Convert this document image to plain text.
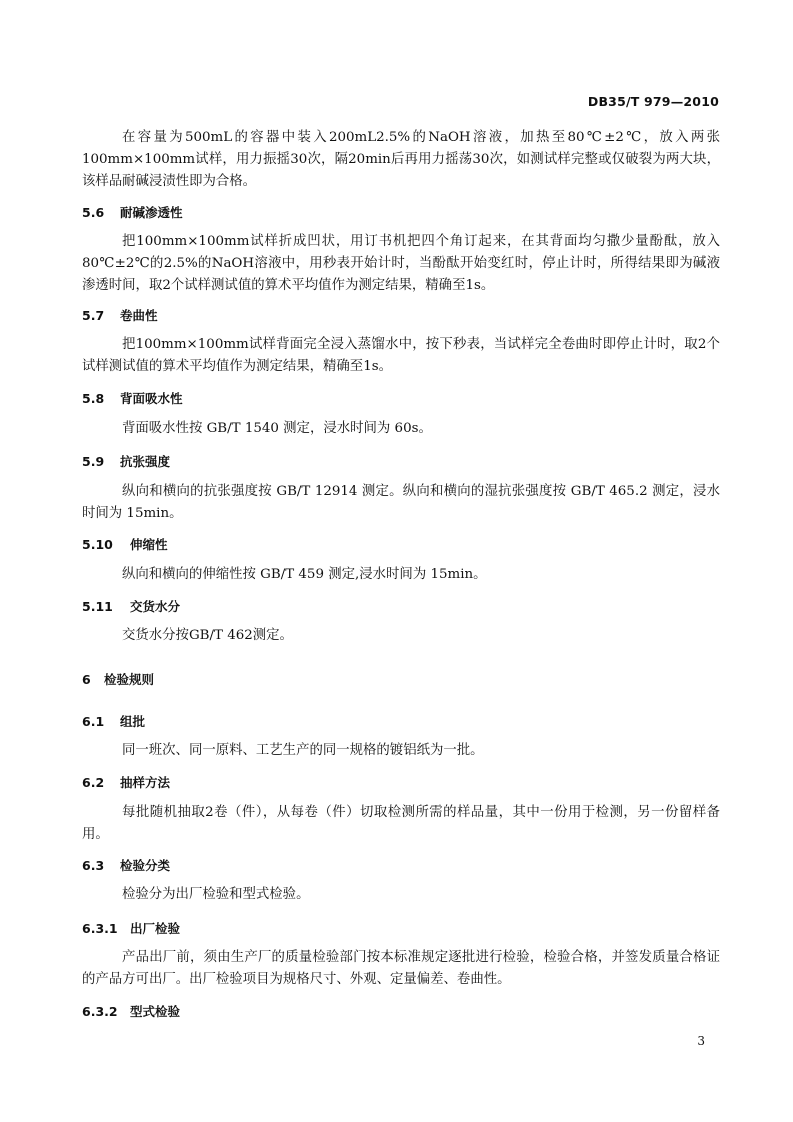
DB35/T 979—2010

在容量为500mL的容器中装入200mL2.5%的NaOH溶液，加热至80℃±2℃，放入两张100mm×100mm试样，用力振摇30次，隔20min后再用力摇荡30次，如测试样完整或仅破裂为两大块，该样品耐碱浸渍性即为合格。

5.6 耐碱渗透性

把100mm×100mm试样折成凹状，用订书机把四个角订起来，在其背面均匀撒少量酚酞，放入80℃±2℃的2.5%的NaOH溶液中，用秒表开始计时，当酚酞开始变红时，停止计时，所得结果即为碱液渗透时间，取2个试样测试值的算术平均值作为测定结果，精确至1s。

5.7 卷曲性

把100mm×100mm试样背面完全浸入蒸馏水中，按下秒表，当试样完全卷曲时即停止计时，取2个试样测试值的算术平均值作为测定结果，精确至1s。

5.8 背面吸水性

背面吸水性按 GB/T 1540 测定，浸水时间为 60s。

5.9 抗张强度

纵向和横向的抗张强度按 GB/T 12914 测定。纵向和横向的湿抗张强度按 GB/T 465.2 测定，浸水时间为 15min。

5.10 伸缩性

纵向和横向的伸缩性按 GB/T 459 测定,浸水时间为 15min。

5.11 交货水分

交货水分按GB/T 462测定。

6 检验规则
6.1 组批

同一班次、同一原料、工艺生产的同一规格的镀铝纸为一批。

6.2 抽样方法

每批随机抽取2卷（件），从每卷（件）切取检测所需的样品量，其中一份用于检测，另一份留样备用。

6.3 检验分类

检验分为出厂检验和型式检验。

6.3.1 出厂检验

产品出厂前，须由生产厂的质量检验部门按本标准规定逐批进行检验，检验合格，并签发质量合格证的产品方可出厂。出厂检验项目为规格尺寸、外观、定量偏差、卷曲性。

6.3.2 型式检验
3
